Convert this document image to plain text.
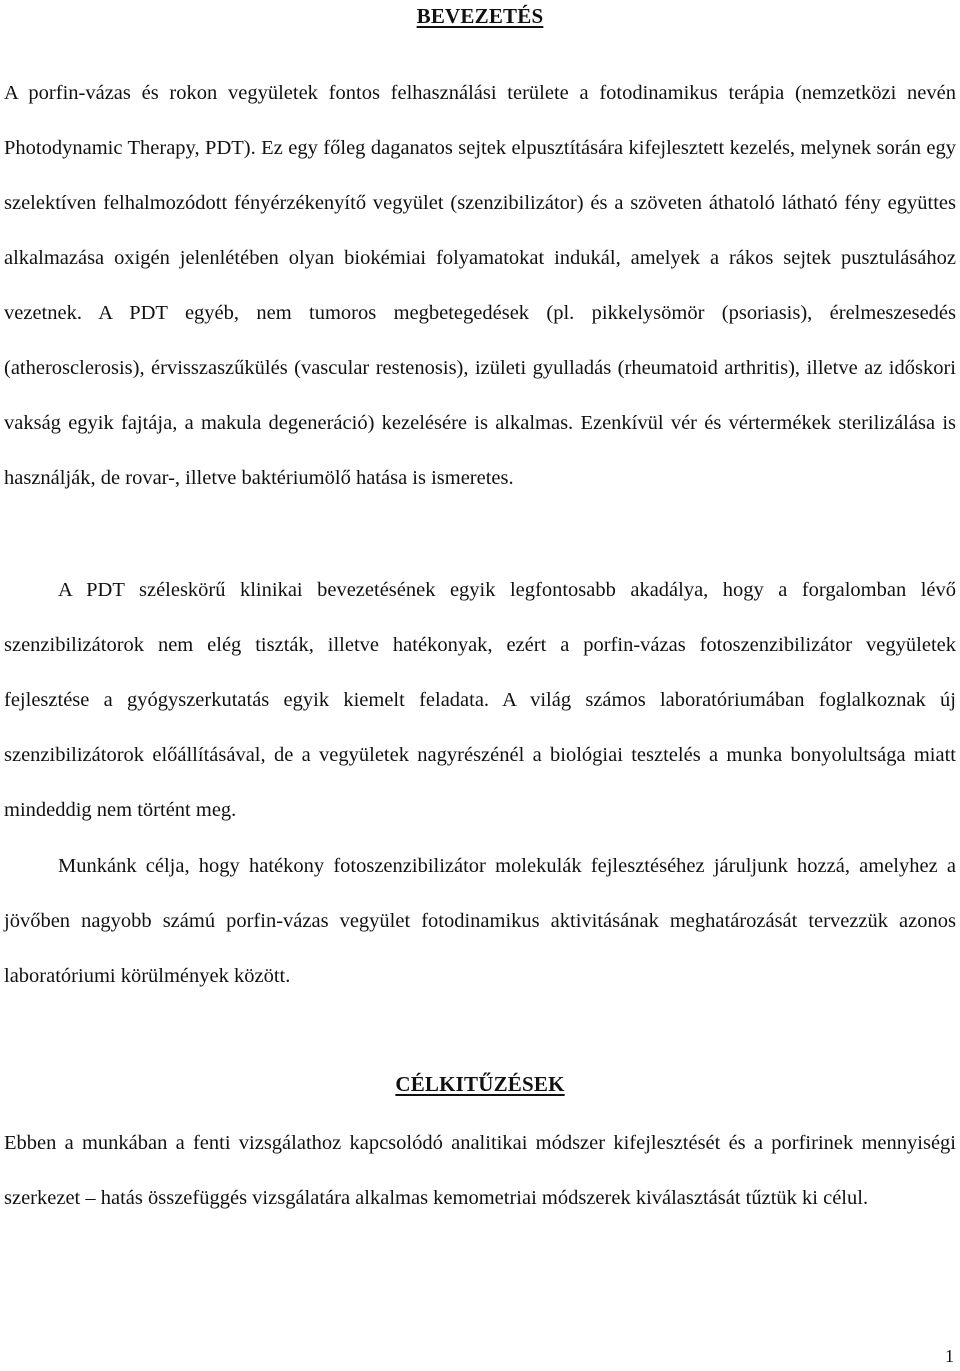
BEVEZETÉS

A porfin-vázas és rokon vegyületek fontos felhasználási területe a fotodinamikus terápia (nemzetközi nevén Photodynamic Therapy, PDT). Ez egy főleg daganatos sejtek elpusztítására kifejlesztett kezelés, melynek során egy szelektíven felhalmozódott fényérzékenyítő vegyület (szenzibilizátor) és a szöveten áthatoló látható fény együttes alkalmazása oxigén jelenlétében olyan biokémiai folyamatokat indukál, amelyek a rákos sejtek pusztulásához vezetnek. A PDT egyéb, nem tumoros megbetegedések (pl. pikkelysömör (psoriasis), érelmeszesedés (atherosclerosis), érvisszaszűkülés (vascular restenosis), izületi gyulladás (rheumatoid arthritis), illetve az időskori vakság egyik fajtája, a makula degeneráció) kezelésére is alkalmas. Ezenkívül vér és vértermékek sterilizálása is használják, de rovar-, illetve baktériumölő hatása is ismeretes.

A PDT széleskörű klinikai bevezetésének egyik legfontosabb akadálya, hogy a forgalomban lévő szenzibilizátorok nem elég tiszták, illetve hatékonyak, ezért a porfin-vázas fotoszenzibilizátor vegyületek fejlesztése a gyógyszerkutatás egyik kiemelt feladata. A világ számos laboratóriumában foglalkoznak új szenzibilizátorok előállításával, de a vegyületek nagyrészénél a biológiai tesztelés a munka bonyolultsága miatt mindeddig nem történt meg.

Munkánk célja, hogy hatékony fotoszenzibilizátor molekulák fejlesztéséhez járuljunk hozzá, amelyhez a jövőben nagyobb számú porfin-vázas vegyület fotodinamikus aktivitásának meghatározását tervezzük azonos laboratóriumi körülmények között.

CÉLKITŰZÉSEK

Ebben a munkában a fenti vizsgálathoz kapcsolódó analitikai módszer kifejlesztését és a porfirinek mennyiségi szerkezet – hatás összefüggés vizsgálatára alkalmas kemometriai módszerek kiválasztását tűztük ki célul.

1
